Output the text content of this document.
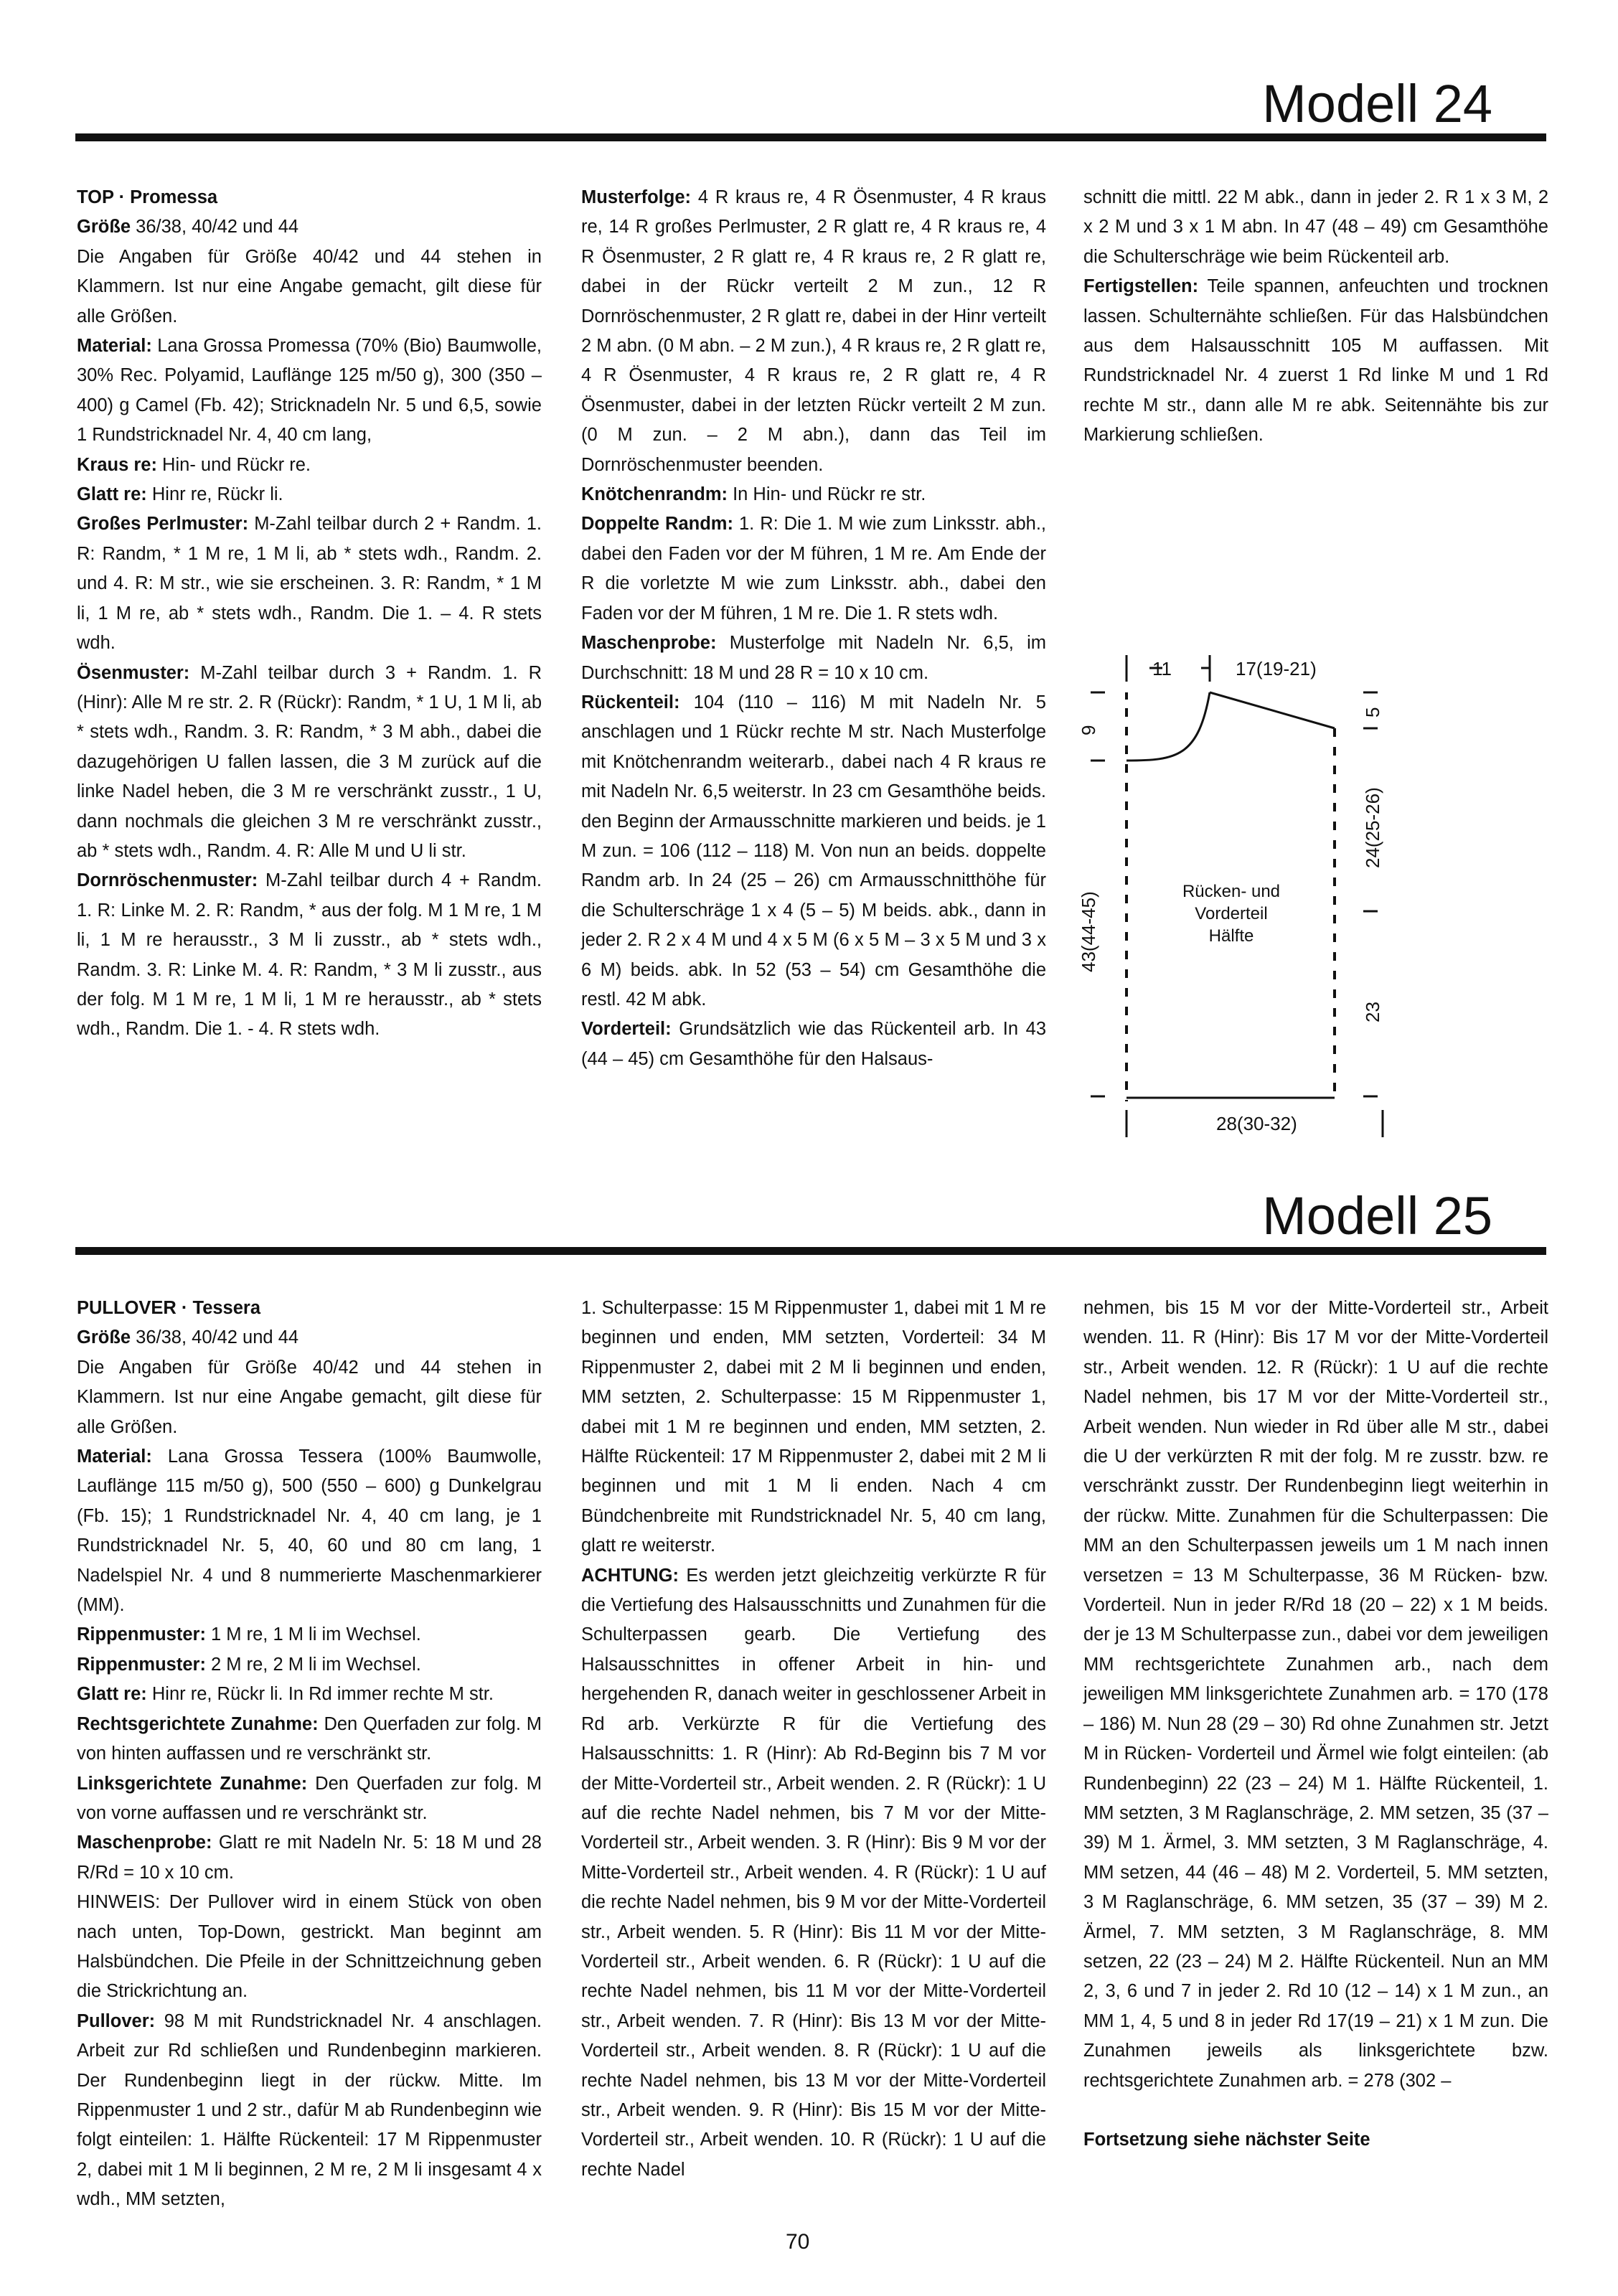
Modell 24

TOP · Promessa

Größe 36/38, 40/42 und 44

Die Angaben für Größe 40/42 und 44 stehen in Klammern. Ist nur eine Angabe gemacht, gilt diese für alle Größen.

Material: Lana Grossa Promessa (70% (Bio) Baumwolle, 30% Rec. Polyamid, Lauflänge 125 m/50 g), 300 (350 – 400) g Camel (Fb. 42); Stricknadeln Nr. 5 und 6,5, sowie 1 Rundstricknadel Nr. 4, 40 cm lang,

Kraus re: Hin- und Rückr re.

Glatt re: Hinr re, Rückr li.

Großes Perlmuster: M-Zahl teilbar durch 2 + Randm. 1. R: Randm, * 1 M re, 1 M li, ab * stets wdh., Randm. 2. und 4. R: M str., wie sie erscheinen. 3. R: Randm, * 1 M li, 1 M re, ab * stets wdh., Randm. Die 1. – 4. R stets wdh.

Ösenmuster: M-Zahl teilbar durch 3 + Randm. 1. R (Hinr): Alle M re str. 2. R (Rückr): Randm, * 1 U, 1 M li, ab * stets wdh., Randm. 3. R: Randm, * 3 M abh., dabei die dazugehörigen U fallen lassen, die 3 M zurück auf die linke Nadel heben, die 3 M re verschränkt zusstr., 1 U, dann nochmals die gleichen 3 M re verschränkt zusstr., ab * stets wdh., Randm. 4. R: Alle M und U li str.

Dornröschenmuster: M-Zahl teilbar durch 4 + Randm. 1. R: Linke M. 2. R: Randm, * aus der folg. M 1 M re, 1 M li, 1 M re herausstr., 3 M li zusstr., ab * stets wdh., Randm. 3. R: Linke M. 4. R: Randm, * 3 M li zusstr., aus der folg. M 1 M re, 1 M li, 1 M re herausstr., ab * stets wdh., Randm. Die 1. - 4. R stets wdh.

Musterfolge: 4 R kraus re, 4 R Ösenmuster, 4 R kraus re, 14 R großes Perlmuster, 2 R glatt re, 4 R kraus re, 4 R Ösenmuster, 2 R glatt re, 4 R kraus re, 2 R glatt re, dabei in der Rückr verteilt 2 M zun., 12 R Dornröschenmuster, 2 R glatt re, dabei in der Hinr verteilt 2 M abn. (0 M abn. – 2 M zun.), 4 R kraus re, 2 R glatt re, 4 R Ösenmuster, 4 R kraus re, 2 R glatt re, 4 R Ösenmuster, dabei in der letzten Rückr verteilt 2 M zun. (0 M zun. – 2 M abn.), dann das Teil im Dornröschenmuster beenden.

Knötchenrandm: In Hin- und Rückr re str.

Doppelte Randm: 1. R: Die 1. M wie zum Linksstr. abh., dabei den Faden vor der M führen, 1 M re. Am Ende der R die vorletzte M wie zum Linksstr. abh., dabei den Faden vor der M führen, 1 M re. Die 1. R stets wdh.

Maschenprobe: Musterfolge mit Nadeln Nr. 6,5, im Durchschnitt: 18 M und 28 R = 10 x 10 cm.

Rückenteil: 104 (110 – 116) M mit Nadeln Nr. 5 anschlagen und 1 Rückr rechte M str. Nach Musterfolge mit Knötchenrandm weiterarb., dabei nach 4 R kraus re mit Nadeln Nr. 6,5 weiterstr. In 23 cm Gesamthöhe beids. den Beginn der Armausschnitte markieren und beids. je 1 M zun. = 106 (112 – 118) M. Von nun an beids. doppelte Randm arb. In 24 (25 – 26) cm Armausschnitthöhe für die Schulterschräge 1 x 4 (5 – 5) M beids. abk., dann in jeder 2. R 2 x 4 M und 4 x 5 M (6 x 5 M – 3 x 5 M und 3 x 6 M) beids. abk. In 52 (53 – 54) cm Gesamthöhe die restl. 42 M abk.

Vorderteil: Grundsätzlich wie das Rückenteil arb. In 43 (44 – 45) cm Gesamthöhe für den Halsaus-

schnitt die mittl. 22 M abk., dann in jeder 2. R 1 x 3 M, 2 x 2 M und 3 x 1 M abn. In 47 (48 – 49) cm Gesamthöhe die Schulterschräge wie beim Rückenteil arb.

Fertigstellen: Teile spannen, anfeuchten und trocknen lassen. Schulternähte schließen. Für das Halsbündchen aus dem Halsausschnitt 105 M auffassen. Mit Rundstricknadel Nr. 4 zuerst 1 Rd linke M und 1 Rd rechte M str., dann alle M re abk. Seitennähte bis zur Markierung schließen.

11	17(19-21)
9
43(44-45)
5
24(25-26)
23
28(30-32)
Rücken- und
Vorderteil
Hälfte
Modell 25

PULLOVER · Tessera

Größe 36/38, 40/42 und 44

Die Angaben für Größe 40/42 und 44 stehen in Klammern. Ist nur eine Angabe gemacht, gilt diese für alle Größen.

Material: Lana Grossa Tessera (100% Baumwolle, Lauflänge 115 m/50 g), 500 (550 – 600) g Dunkelgrau (Fb. 15); 1 Rundstricknadel Nr. 4, 40 cm lang, je 1 Rundstricknadel Nr. 5, 40, 60 und 80 cm lang, 1 Nadelspiel Nr. 4 und 8 nummerierte Maschenmarkierer (MM).

Rippenmuster: 1 M re, 1 M li im Wechsel.

Rippenmuster: 2 M re, 2 M li im Wechsel.

Glatt re: Hinr re, Rückr li. In Rd immer rechte M str.

Rechtsgerichtete Zunahme: Den Querfaden zur folg. M von hinten auffassen und re verschränkt str.

Linksgerichtete Zunahme: Den Querfaden zur folg. M von vorne auffassen und re verschränkt str.

Maschenprobe: Glatt re mit Nadeln Nr. 5: 18 M und 28 R/Rd = 10 x 10 cm.

HINWEIS: Der Pullover wird in einem Stück von oben nach unten, Top-Down, gestrickt. Man beginnt am Halsbündchen. Die Pfeile in der Schnittzeichnung geben die Strickrichtung an.

Pullover: 98 M mit Rundstricknadel Nr. 4 anschlagen. Arbeit zur Rd schließen und Rundenbeginn markieren. Der Rundenbeginn liegt in der rückw. Mitte. Im Rippenmuster 1 und 2 str., dafür M ab Rundenbeginn wie folgt einteilen: 1. Hälfte Rückenteil: 17 M Rippenmuster 2, dabei mit 1 M li beginnen, 2 M re, 2 M li insgesamt 4 x wdh., MM setzten,

1. Schulterpasse: 15 M Rippenmuster 1, dabei mit 1 M re beginnen und enden, MM setzten, Vorderteil: 34 M Rippenmuster 2, dabei mit 2 M li beginnen und enden, MM setzten, 2. Schulterpasse: 15 M Rippenmuster 1, dabei mit 1 M re beginnen und enden, MM setzten, 2. Hälfte Rückenteil: 17 M Rippenmuster 2, dabei mit 2 M li beginnen und mit 1 M li enden. Nach 4 cm Bündchenbreite mit Rundstricknadel Nr. 5, 40 cm lang, glatt re weiterstr.

ACHTUNG: Es werden jetzt gleichzeitig verkürzte R für die Vertiefung des Halsausschnitts und Zunahmen für die Schulterpassen gearb. Die Vertiefung des Halsausschnittes in offener Arbeit in hin- und hergehenden R, danach weiter in geschlossener Arbeit in Rd arb. Verkürzte R für die Vertiefung des Halsausschnitts: 1. R (Hinr): Ab Rd-Beginn bis 7 M vor der Mitte-Vorderteil str., Arbeit wenden. 2. R (Rückr): 1 U auf die rechte Nadel nehmen, bis 7 M vor der Mitte-Vorderteil str., Arbeit wenden. 3. R (Hinr): Bis 9 M vor der Mitte-Vorderteil str., Arbeit wenden. 4. R (Rückr): 1 U auf die rechte Nadel nehmen, bis 9 M vor der Mitte-Vorderteil str., Arbeit wenden. 5. R (Hinr): Bis 11 M vor der Mitte-Vorderteil str., Arbeit wenden. 6. R (Rückr): 1 U auf die rechte Nadel nehmen, bis 11 M vor der Mitte-Vorderteil str., Arbeit wenden. 7. R (Hinr): Bis 13 M vor der Mitte-Vorderteil str., Arbeit wenden. 8. R (Rückr): 1 U auf die rechte Nadel nehmen, bis 13 M vor der Mitte-Vorderteil str., Arbeit wenden. 9. R (Hinr): Bis 15 M vor der Mitte-Vorderteil str., Arbeit wenden. 10. R (Rückr): 1 U auf die rechte Nadel

nehmen, bis 15 M vor der Mitte-Vorderteil str., Arbeit wenden. 11. R (Hinr): Bis 17 M vor der Mitte-Vorderteil str., Arbeit wenden. 12. R (Rückr): 1 U auf die rechte Nadel nehmen, bis 17 M vor der Mitte-Vorderteil str., Arbeit wenden. Nun wieder in Rd über alle M str., dabei die U der verkürzten R mit der folg. M re zusstr. bzw. re verschränkt zusstr. Der Rundenbeginn liegt weiterhin in der rückw. Mitte. Zunahmen für die Schulterpassen: Die MM an den Schulterpassen jeweils um 1 M nach innen versetzen = 13 M Schulterpasse, 36 M Rücken- bzw. Vorderteil. Nun in jeder R/Rd 18 (20 – 22) x 1 M beids. der je 13 M Schulterpasse zun., dabei vor dem jeweiligen MM rechtsgerichtete Zunahmen arb., nach dem jeweiligen MM linksgerichtete Zunahmen arb. = 170 (178 – 186) M. Nun 28 (29 – 30) Rd ohne Zunahmen str. Jetzt M in Rücken- Vorderteil und Ärmel wie folgt einteilen: (ab Rundenbeginn) 22 (23 – 24) M 1. Hälfte Rückenteil, 1. MM setzten, 3 M Raglanschräge, 2. MM setzen, 35 (37 – 39) M 1. Ärmel, 3. MM setzten, 3 M Raglanschräge, 4. MM setzen, 44 (46 – 48) M 2. Vorderteil, 5. MM setzten, 3 M Raglanschräge, 6. MM setzen, 35 (37 – 39) M 2. Ärmel, 7. MM setzten, 3 M Raglanschräge, 8. MM setzen, 22 (23 – 24) M 2. Hälfte Rückenteil. Nun an MM 2, 3, 6 und 7 in jeder 2. Rd 10 (12 – 14) x 1 M zun., an MM 1, 4, 5 und 8 in jeder Rd 17(19 – 21) x 1 M zun. Die Zunahmen jeweils als linksgerichtete bzw. rechtsgerichtete Zunahmen arb. = 278 (302 –

Fortsetzung siehe nächster Seite

70
